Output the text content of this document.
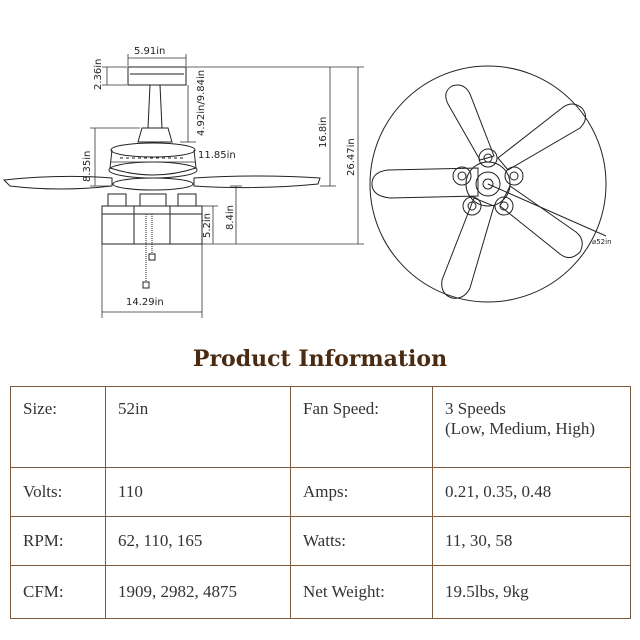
5.91in
2.36in	4.92in/9.84in
11.85in
8.35in
16.8in
26.47in
8.4in
5.2in
14.29in
⌀52in
Product Information
Size:	52in	Fan Speed:	3 Speeds
(Low, Medium, High)

Volts:	110	Amps:	0.21, 0.35, 0.48
RPM:	62, 110, 165	Watts:	11, 30, 58
CFM:	1909, 2982, 4875	Net Weight:	19.5lbs, 9kg
